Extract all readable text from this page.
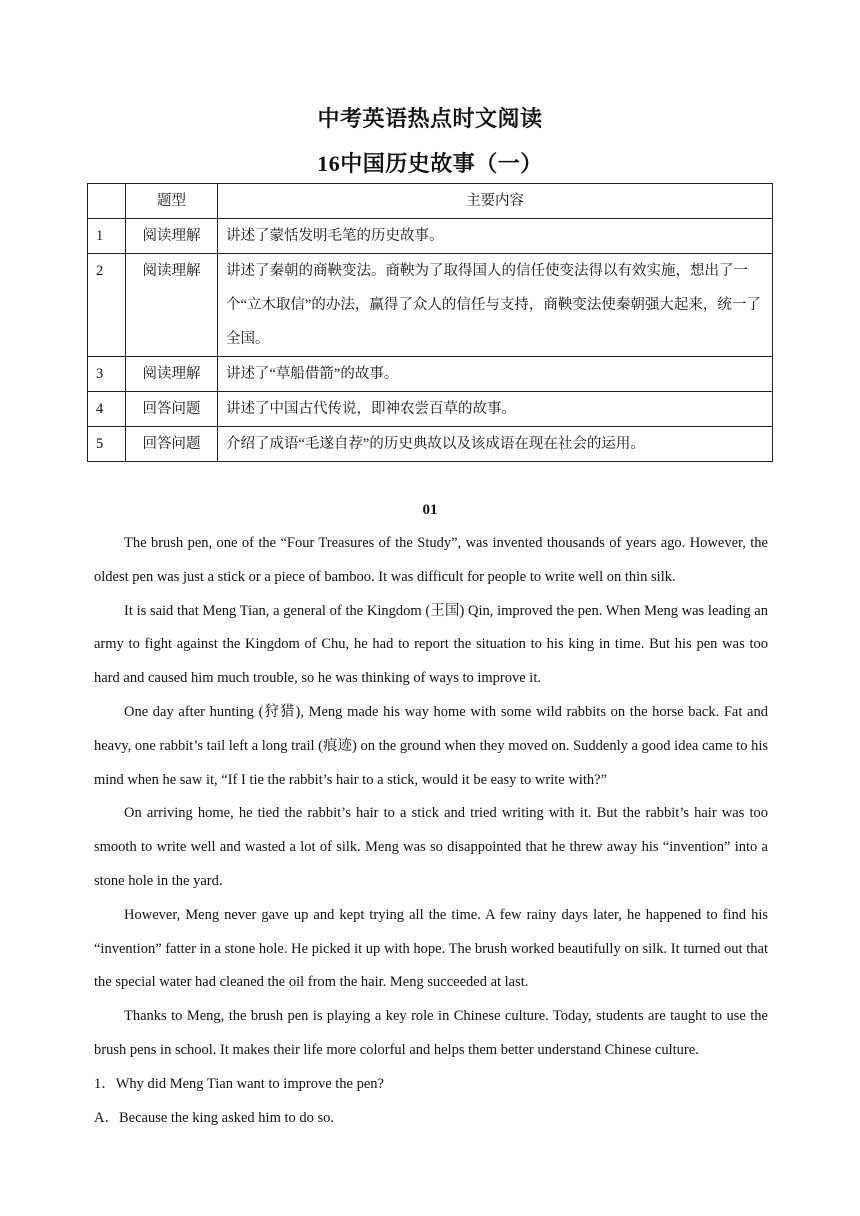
中考英语热点时文阅读
16中国历史故事（一）
	题型	主要内容
1	阅读理解	讲述了蒙恬发明毛笔的历史故事。
2	阅读理解	讲述了秦朝的商鞅变法。商鞅为了取得国人的信任使变法得以有效实施，想出了一个“立木取信”的办法，赢得了众人的信任与支持，商鞅变法使秦朝强大起来，统一了全国。
3	阅读理解	讲述了“草船借箭”的故事。
4	回答问题	讲述了中国古代传说，即神农尝百草的故事。
5	回答问题	介绍了成语“毛遂自荐”的历史典故以及该成语在现在社会的运用。
01

The brush pen, one of the “Four Treasures of the Study”, was invented thousands of years ago. However, the oldest pen was just a stick or a piece of bamboo. It was difficult for people to write well on thin silk.

It is said that Meng Tian, a general of the Kingdom (王国) Qin, improved the pen. When Meng was leading an army to fight against the Kingdom of Chu, he had to report the situation to his king in time. But his pen was too hard and caused him much trouble, so he was thinking of ways to improve it.

One day after hunting (狩猎), Meng made his way home with some wild rabbits on the horse back. Fat and heavy, one rabbit’s tail left a long trail (痕迹) on the ground when they moved on. Suddenly a good idea came to his mind when he saw it, “If I tie the rabbit’s hair to a stick, would it be easy to write with?”

On arriving home, he tied the rabbit’s hair to a stick and tried writing with it. But the rabbit’s hair was too smooth to write well and wasted a lot of silk. Meng was so disappointed that he threw away his “invention” into a stone hole in the yard.

However, Meng never gave up and kept trying all the time. A few rainy days later, he happened to find his “invention” fatter in a stone hole. He picked it up with hope. The brush worked beautifully on silk. It turned out that the special water had cleaned the oil from the hair. Meng succeeded at last.

Thanks to Meng, the brush pen is playing a key role in Chinese culture. Today, students are taught to use the brush pens in school. It makes their life more colorful and helps them better understand Chinese culture.

1．Why did Meng Tian want to improve the pen?

A．Because the king asked him to do so.
